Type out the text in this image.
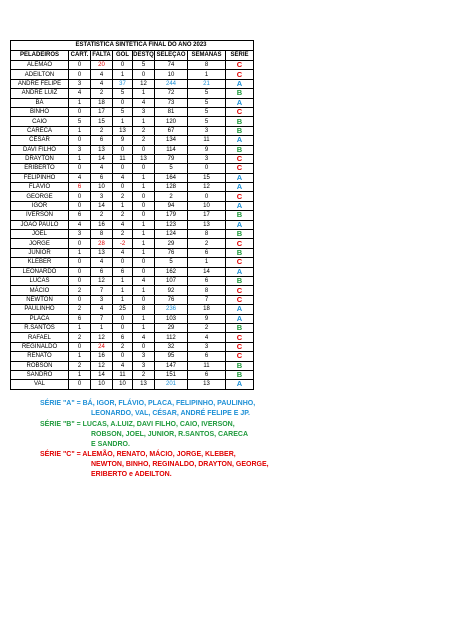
ESTATÍSTICA SINTÉTICA FINAL DO ANO 2023
PELADEIROS	CART.	FALTA	GOL	DESTQ	SELEÇÃO	SEMANAS	SÉRIE
ALEMÃO	0	20	0	5	74	8	C
ADEILTON	0	4	1	0	10	1	C
ANDRÉ FELIPE	3	4	37	12	244	21	A
ANDRÉ LUIZ	4	2	5	1	72	5	B
BÁ	1	18	0	4	73	5	A
BINHO	0	17	5	3	81	5	C
CAIO	5	15	1	1	120	5	B
CARECA	1	2	13	2	67	3	B
CÉSAR	0	6	9	2	134	11	A
DAVI FILHO	3	13	0	0	114	9	B
DRAYTON	1	14	11	13	79	3	C
ERIBERTO	0	4	0	0	5	0	C
FELIPINHO	4	6	4	1	164	15	A
FLÁVIO	6	10	0	1	128	12	A
GEORGE	0	3	2	0	2	0	C
IGOR	0	14	1	0	94	10	A
IVERSON	6	2	2	0	179	17	B
JOÃO PAULO	4	16	4	1	123	13	A
JOEL	3	8	2	1	124	8	B
JORGE	0	28	-2	1	29	2	C
JUNIOR	1	13	4	1	76	6	B
KLEBER	0	4	0	0	5	1	C
LEONARDO	0	6	6	0	162	14	A
LUCAS	0	12	1	4	107	6	B
MÁCIO	2	7	1	1	92	8	C
NEWTON	0	3	1	0	76	7	C
PAULINHO	2	4	25	8	236	18	A
PLACA	6	7	0	1	103	9	A
R.SANTOS	1	1	0	1	29	2	B
RAFAEL	2	12	6	4	112	4	C
REGINALDO	0	24	2	0	32	3	C
RENATO	1	16	0	3	95	6	C
ROBSON	2	12	4	3	147	11	B
SANDRO	1	14	11	2	151	6	B
VAL	0	10	10	13	201	13	A
SÉRIE "A" = BÁ, IGOR, FLÁVIO, PLACA, FELIPINHO, PAULINHO,
LEONARDO, VAL, CÉSAR, ANDRÉ FELIPE E JP.
SÉRIE "B" = LUCAS, A.LUIZ, DAVI FILHO, CAIO, IVERSON,
ROBSON, JOEL, JUNIOR, R.SANTOS, CARECA
E SANDRO.
SÉRIE "C" = ALEMÃO, RENATO, MÁCIO, JORGE, KLEBER,
NEWTON, BINHO, REGINALDO, DRAYTON, GEORGE,
ERIBERTO e ADEILTON.
